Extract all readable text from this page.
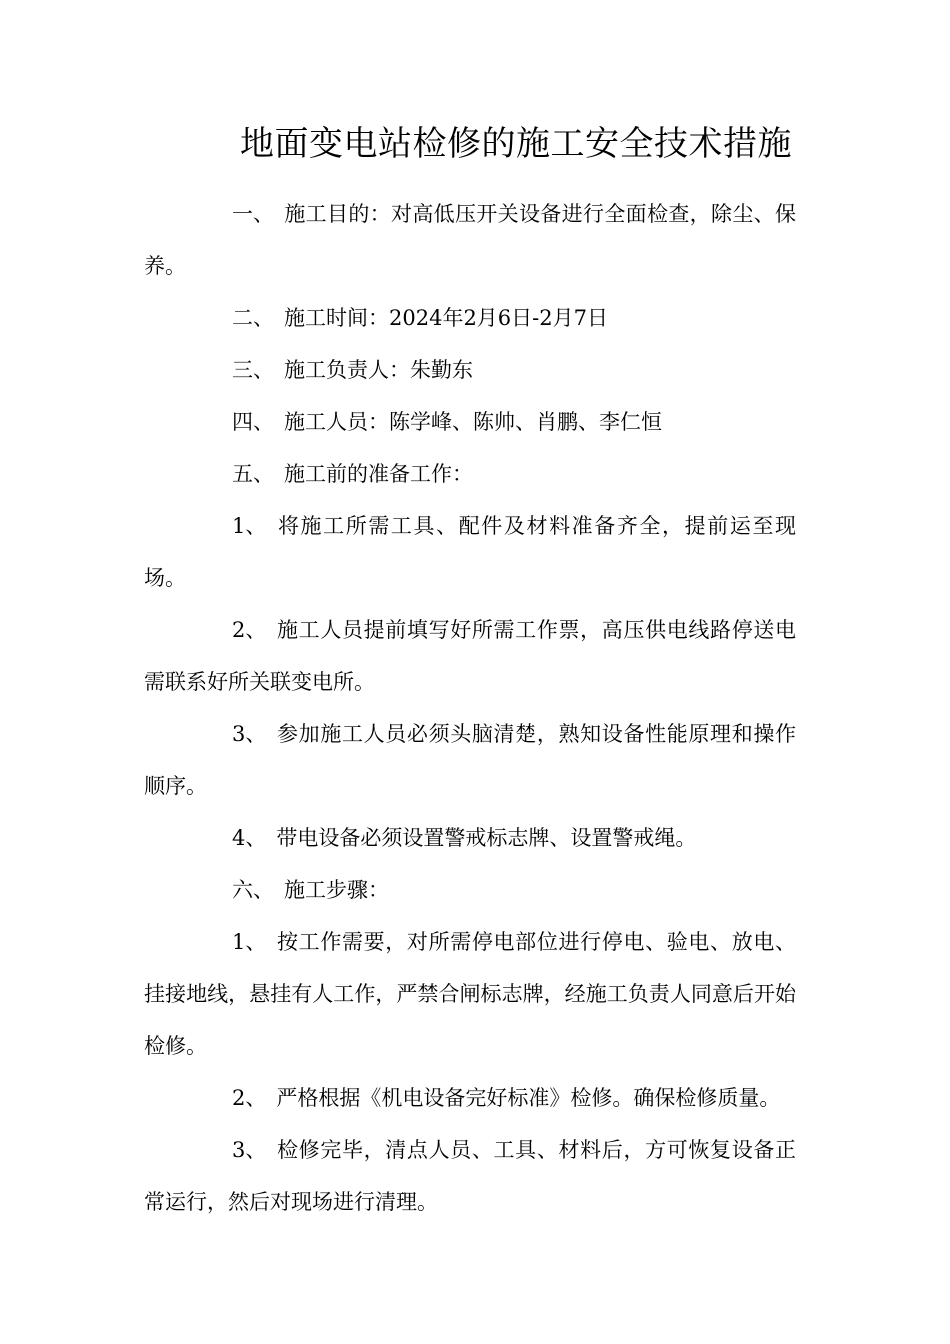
地面变电站检修的施工安全技术措施

一、 施工目的：对高低压开关设备进行全面检查，除尘、保养。

二、 施工时间：2024年2月6日-2月7日

三、 施工负责人：朱勤东

四、 施工人员：陈学峰、陈帅、肖鹏、李仁恒

五、 施工前的准备工作：

1、 将施工所需工具、配件及材料准备齐全，提前运至现场。

2、 施工人员提前填写好所需工作票，高压供电线路停送电需联系好所关联变电所。

3、 参加施工人员必须头脑清楚，熟知设备性能原理和操作顺序。

4、 带电设备必须设置警戒标志牌、设置警戒绳。

六、 施工步骤：

1、 按工作需要，对所需停电部位进行停电、验电、放电、挂接地线，悬挂有人工作，严禁合闸标志牌，经施工负责人同意后开始检修。

2、 严格根据《机电设备完好标准》检修。确保检修质量。

3、 检修完毕，清点人员、工具、材料后，方可恢复设备正常运行，然后对现场进行清理。
